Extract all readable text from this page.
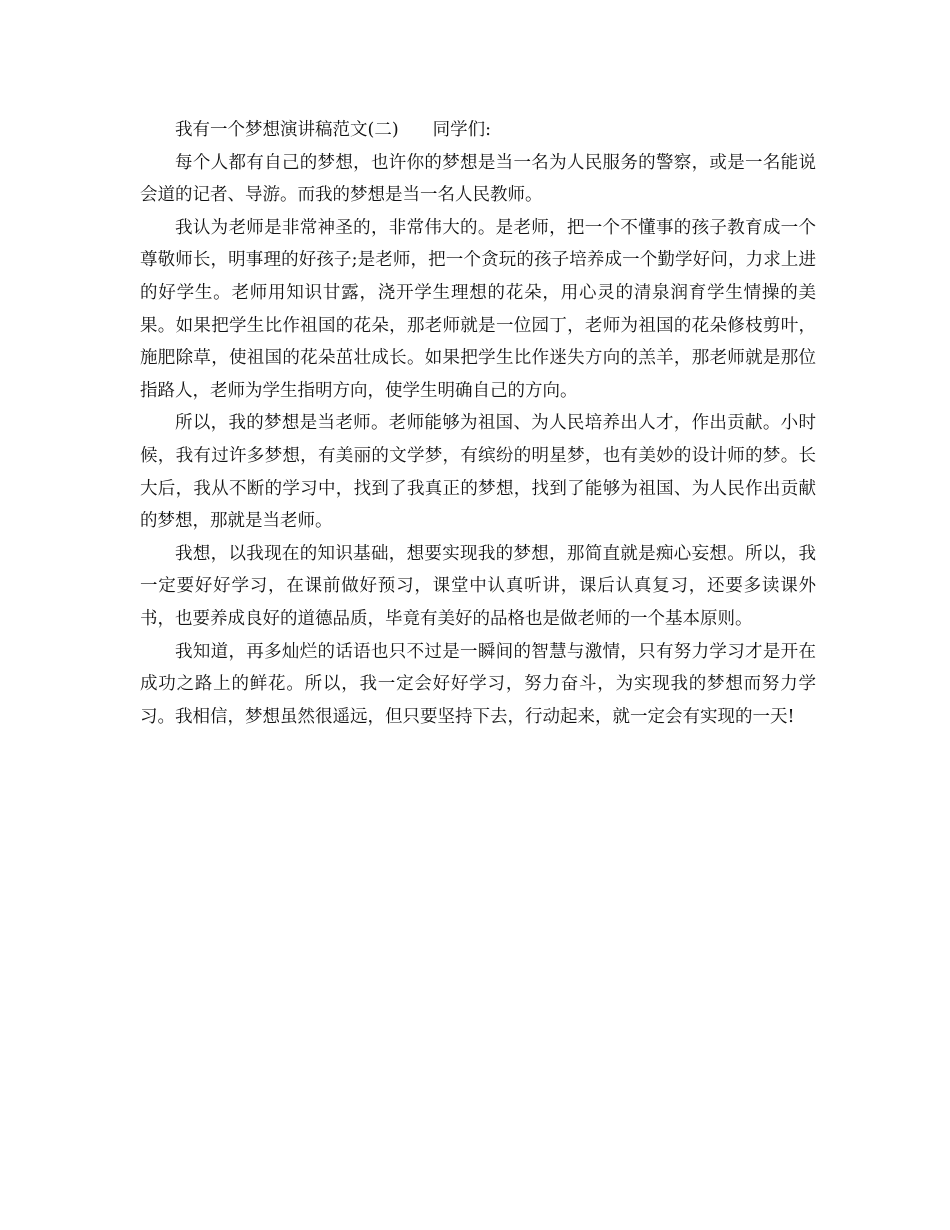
我有一个梦想演讲稿范文(二) 同学们:

每个人都有自己的梦想，也许你的梦想是当一名为人民服务的警察，或是一名能说会道的记者、导游。而我的梦想是当一名人民教师。

我认为老师是非常神圣的，非常伟大的。是老师，把一个不懂事的孩子教育成一个尊敬师长，明事理的好孩子;是老师，把一个贪玩的孩子培养成一个勤学好问，力求上进的好学生。老师用知识甘露，浇开学生理想的花朵，用心灵的清泉润育学生情操的美果。如果把学生比作祖国的花朵，那老师就是一位园丁，老师为祖国的花朵修枝剪叶，施肥除草，使祖国的花朵茁壮成长。如果把学生比作迷失方向的羔羊，那老师就是那位指路人，老师为学生指明方向，使学生明确自己的方向。

所以，我的梦想是当老师。老师能够为祖国、为人民培养出人才，作出贡献。小时候，我有过许多梦想，有美丽的文学梦，有缤纷的明星梦，也有美妙的设计师的梦。长大后，我从不断的学习中，找到了我真正的梦想，找到了能够为祖国、为人民作出贡献的梦想，那就是当老师。

我想，以我现在的知识基础，想要实现我的梦想，那简直就是痴心妄想。所以，我一定要好好学习，在课前做好预习，课堂中认真听讲，课后认真复习，还要多读课外书，也要养成良好的道德品质，毕竟有美好的品格也是做老师的一个基本原则。

我知道，再多灿烂的话语也只不过是一瞬间的智慧与激情，只有努力学习才是开在成功之路上的鲜花。所以，我一定会好好学习，努力奋斗，为实现我的梦想而努力学习。我相信，梦想虽然很遥远，但只要坚持下去，行动起来，就一定会有实现的一天!
